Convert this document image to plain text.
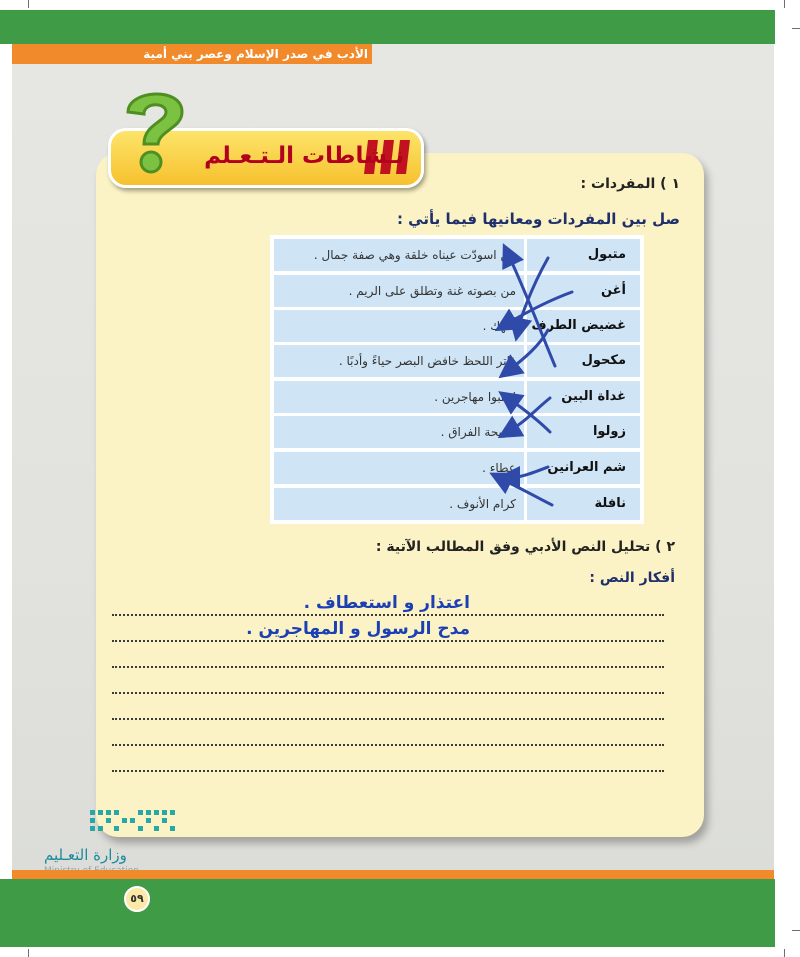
الأدب في صدر الإسلام وعصر بني أمية
نـشاطات الـتـعـلم
١ ) المفردات :
صل بين المفردات ومعانيها فيما يأتي :
من اسودّت عيناه خلقة وهي صفة جمال .	متبول
من بصوته غنة وتطلق على الريم .	أغن
مُنهك .	غضيض الطرف
فاتر اللحظ خافض البصر حياءً وأدبًا .	مكحول
اذهبوا مهاجرين .	غداة البين
صبيحة الفراق .	زولوا
عطاء .	شم العرانين
كرام الأنوف .	نافلة
٢ ) تحليل النص الأدبي وفق المطالب الآتية :
أفكار النص :
اعتذار و استعطاف .
مدح الرسول و المهاجرين .
وزارة التعـليم
٥٩
